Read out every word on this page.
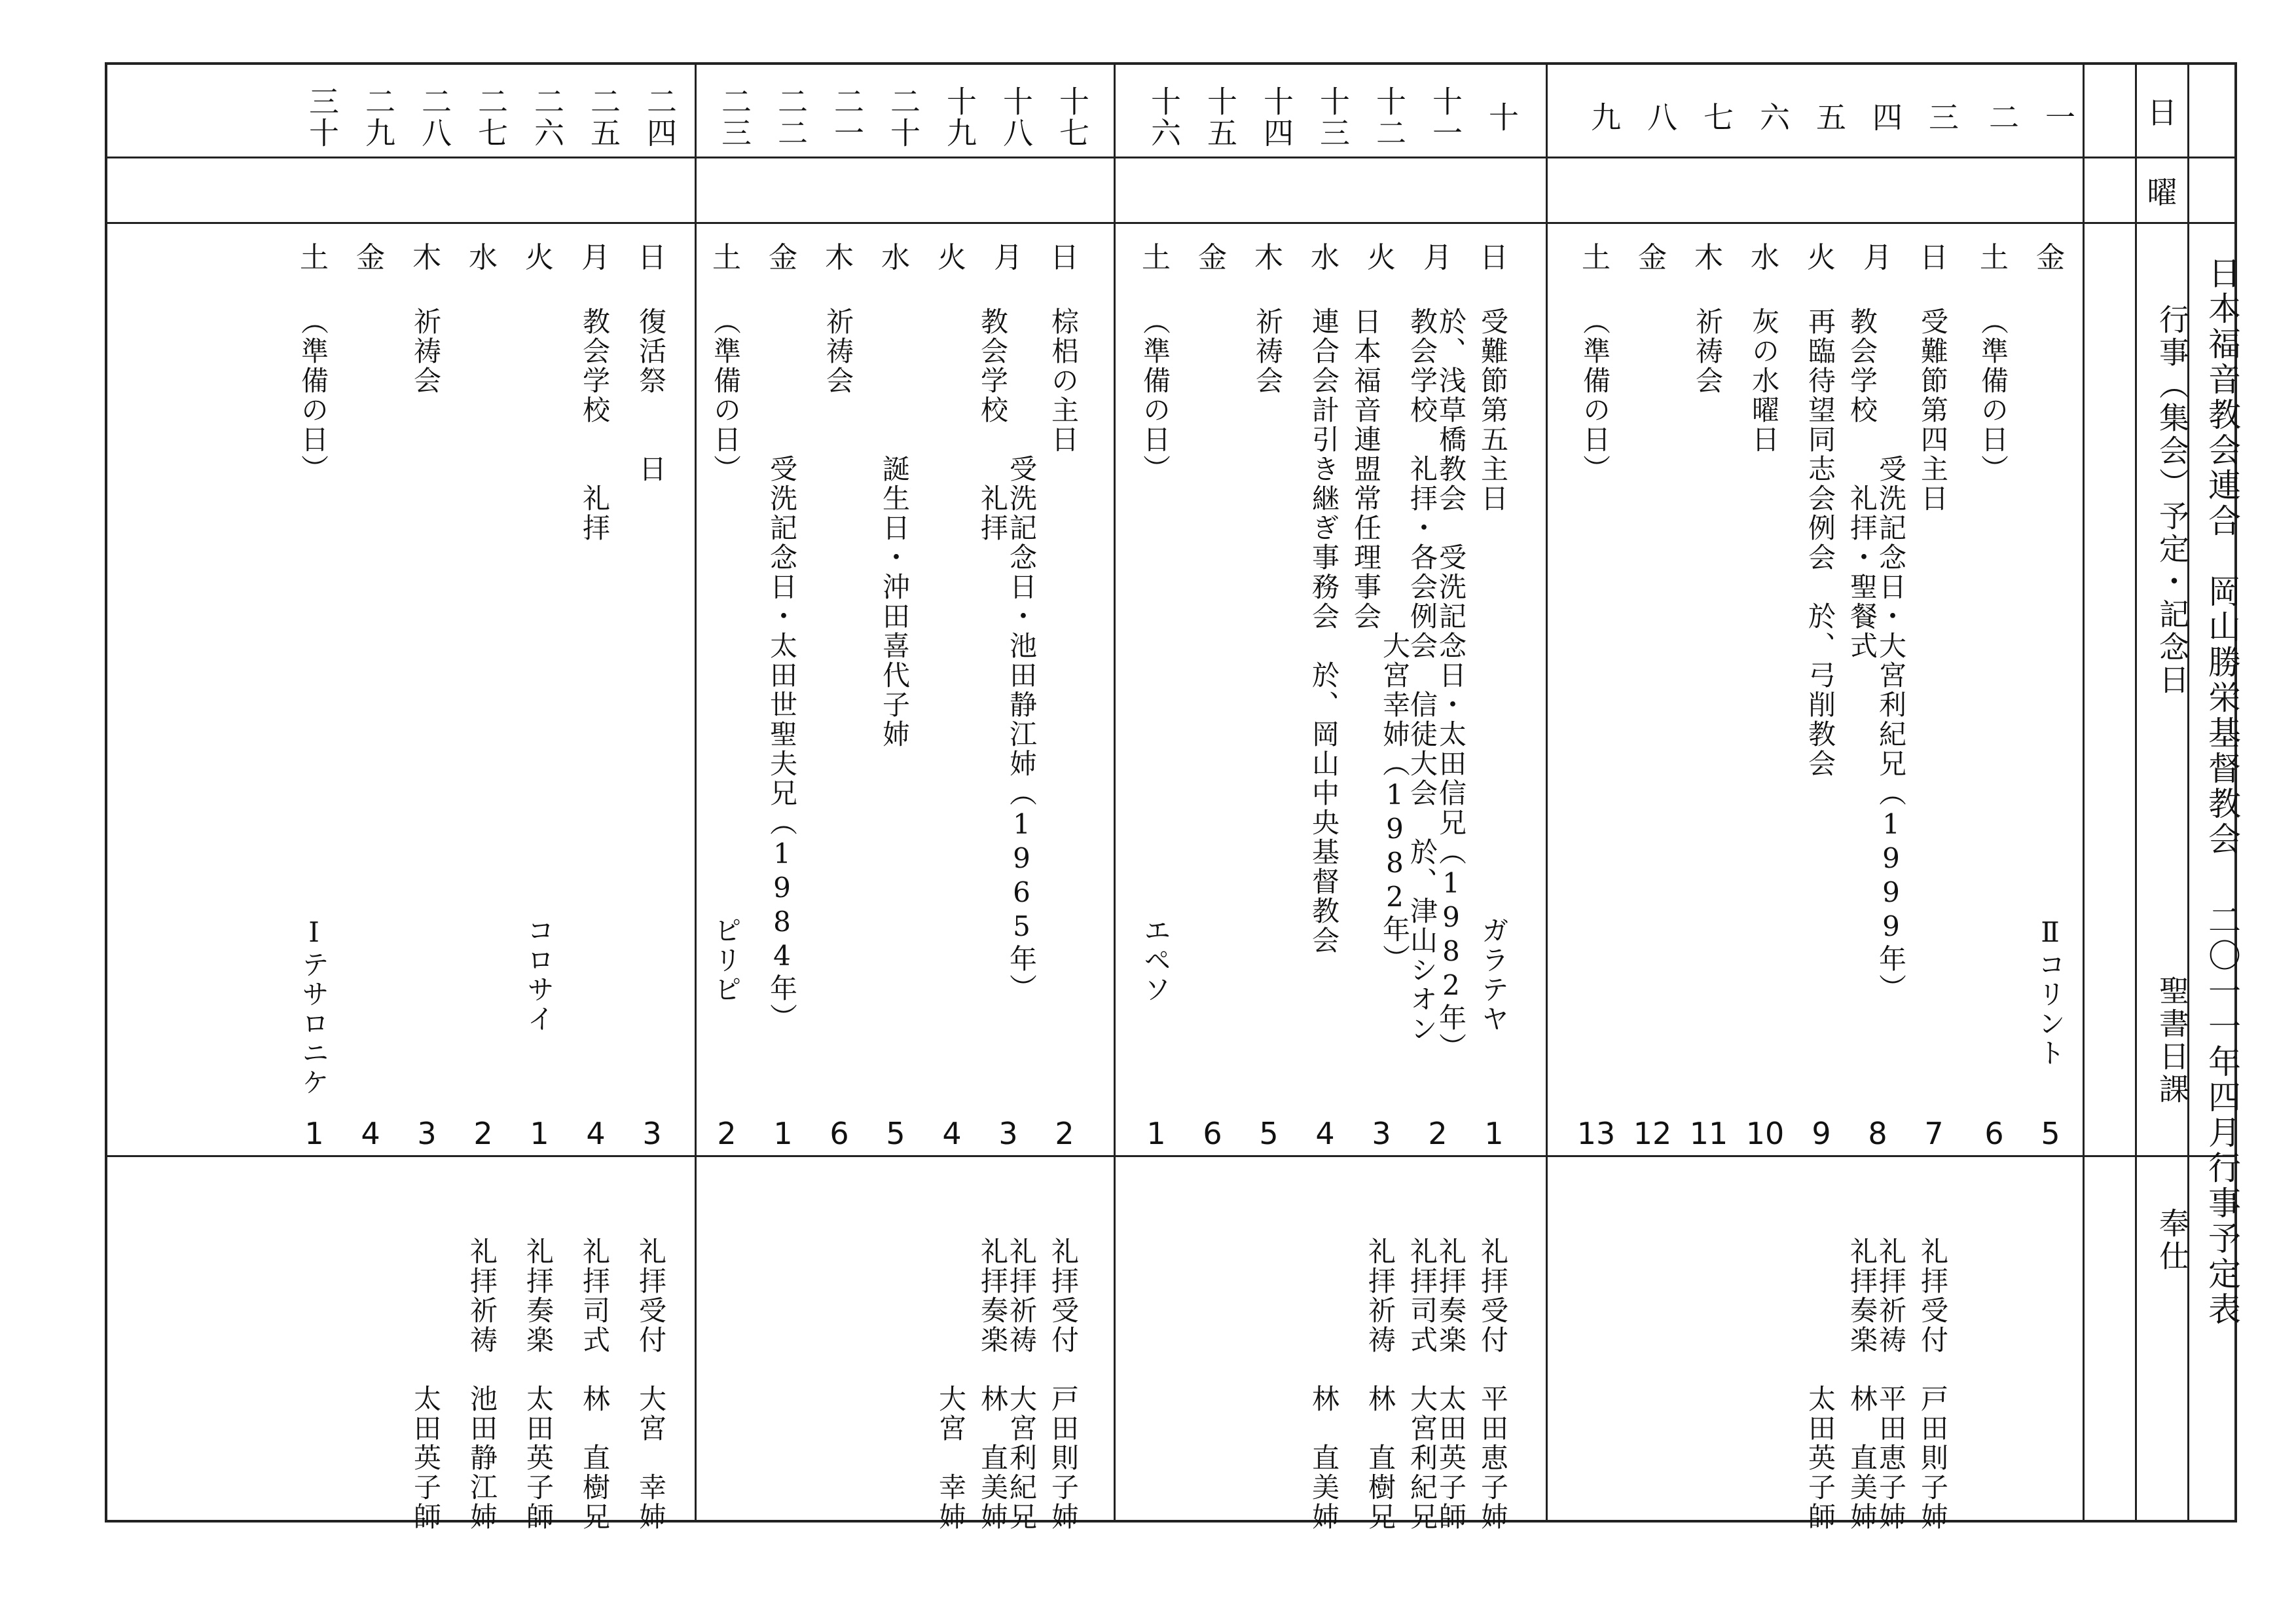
日本福音教会連合　岡山勝栄基督教会
二〇一一年四月行事予定表
日
曜
行事（集会）予定・記念日
聖書日課
奉仕
一
金
Ⅱコリント
5
二
土
（準備の日）
6
三
日
受難節第四主日
7
礼拝受付　戸田則子姉
四
月
教会学校　　礼拝・聖餐式
　　　　　受洗記念日・大宮利紀兄（1999年）
8
礼拝奏楽　林　直美姉
礼拝祈祷　平田恵子姉
五
火
再臨待望同志会例会　於、弓削教会
9
　　　　　太田英子師
六
水
灰の水曜日
10
七
木
祈祷会
11
八
金
12
九
土
（準備の日）
13
十
日
受難節第五主日
ガラテヤ
1
礼拝受付　平田恵子姉
十一
月
教会学校　礼拝・各会例会　信徒大会　於、津山シオン
於、浅草橋教会　受洗記念日・太田信兄（1982年）
2
礼拝司式　大宮利紀兄
礼拝奏楽　太田英子師
十二
火
日本福音連盟常任理事会
　　　　　　　　　　　大宮幸姉（1982年）
3
礼拝祈祷　林　直樹兄
十三
水
連合会計引き継ぎ事務会　於、岡山中央基督教会
4
　　　　　林　直美姉
十四
木
祈祷会
5
十五
金
6
十六
土
（準備の日）
エペソ
1
十七
日
棕梠の主日
2
礼拝受付　戸田則子姉
十八
月
教会学校　　礼拝
　　　　　受洗記念日・池田静江姉（1965年）
3
礼拝奏楽　林　直美姉
礼拝祈祷　大宮利紀兄
十九
火
4
　　　　　大宮　幸姉
二十
水
　　　　　誕生日・沖田喜代子姉
5
二一
木
祈祷会
6
二二
金
　　　　　受洗記念日・太田世聖夫兄（1984年）
1
二三
土
（準備の日）
ピリピ
2
二四
日
復活祭　　日
3
礼拝受付　大宮　幸姉
二五
月
教会学校　　礼拝
4
礼拝司式　林　直樹兄
二六
火
コロサイ
1
礼拝奏楽　太田英子師
二七
水
2
礼拝祈祷　池田静江姉
二八
木
祈祷会
3
　　　　　太田英子師
二九
金
4
三十
土
（準備の日）
Ⅰテサロニケ
1
